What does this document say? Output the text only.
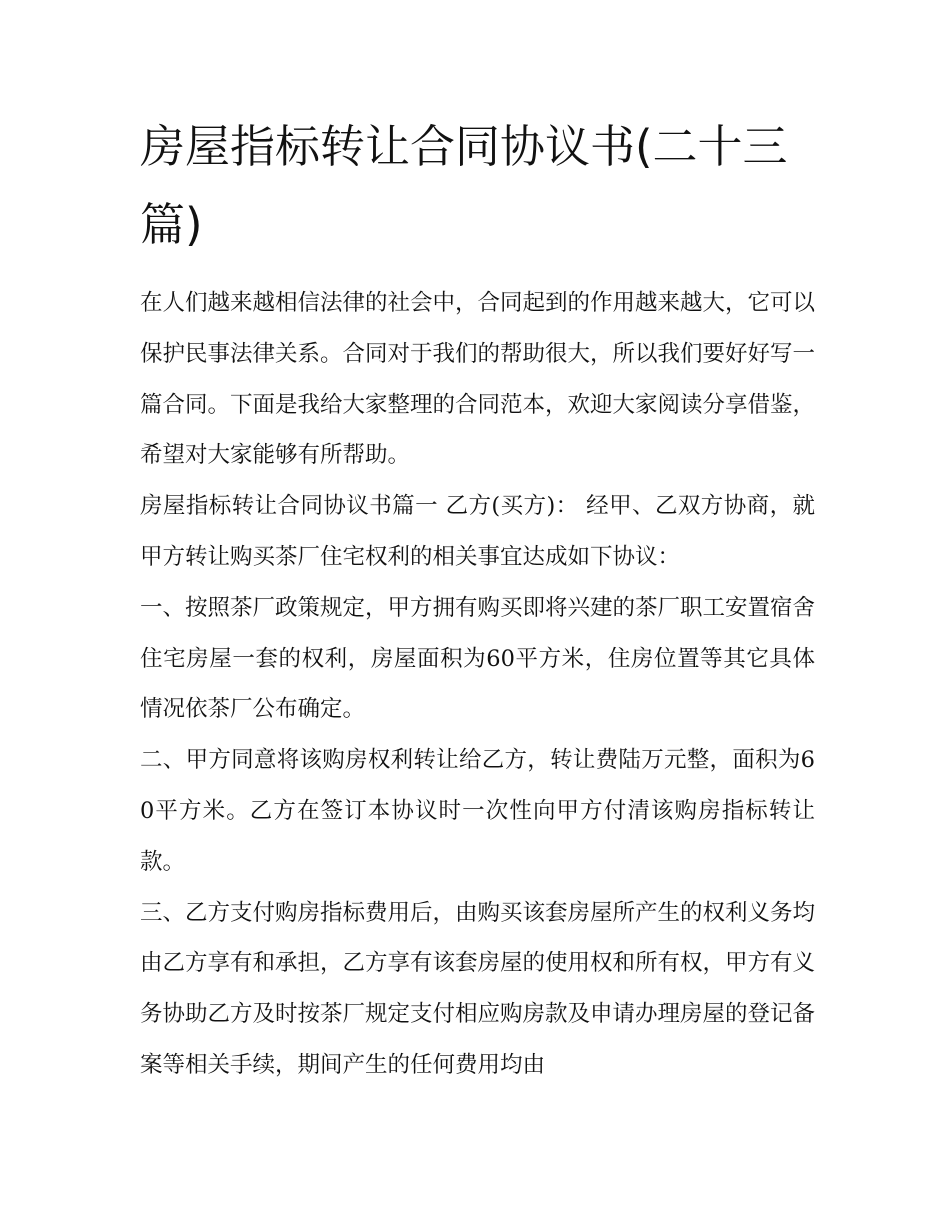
房屋指标转让合同协议书(二十三篇)

在人们越来越相信法律的社会中，合同起到的作用越来越大，它可以保护民事法律关系。合同对于我们的帮助很大，所以我们要好好写一篇合同。下面是我给大家整理的合同范本，欢迎大家阅读分享借鉴，希望对大家能够有所帮助。

房屋指标转让合同协议书篇一 乙方(买方)： 经甲、乙双方协商，就甲方转让购买茶厂住宅权利的相关事宜达成如下协议：

一、按照茶厂政策规定，甲方拥有购买即将兴建的茶厂职工安置宿舍住宅房屋一套的权利，房屋面积为60平方米，住房位置等其它具体情况依茶厂公布确定。

二、甲方同意将该购房权利转让给乙方，转让费陆万元整，面积为60平方米。乙方在签订本协议时一次性向甲方付清该购房指标转让款。

三、乙方支付购房指标费用后，由购买该套房屋所产生的权利义务均由乙方享有和承担，乙方享有该套房屋的使用权和所有权，甲方有义务协助乙方及时按茶厂规定支付相应购房款及申请办理房屋的登记备案等相关手续，期间产生的任何费用均由
